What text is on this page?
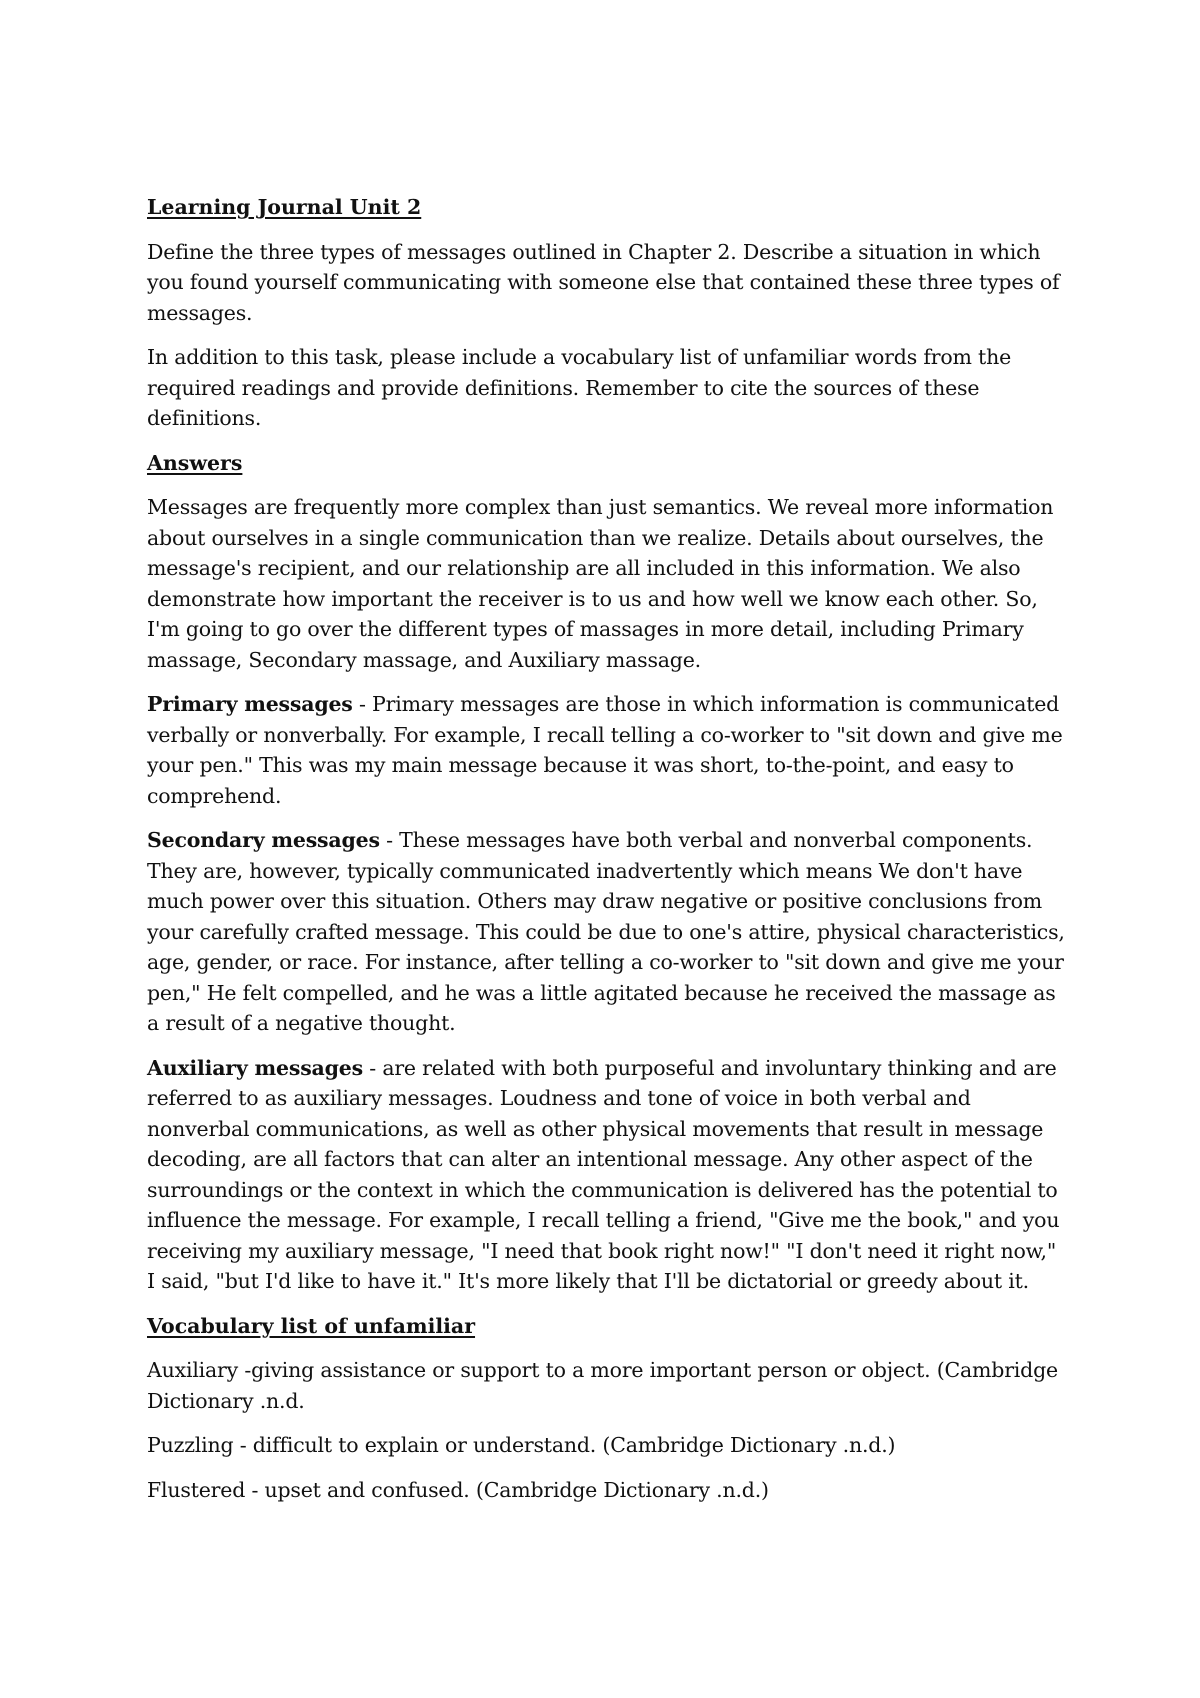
Learning Journal Unit 2

Define the three types of messages outlined in Chapter 2. Describe a situation in which you found yourself communicating with someone else that contained these three types of messages.

In addition to this task, please include a vocabulary list of unfamiliar words from the required readings and provide definitions. Remember to cite the sources of these definitions.

Answers

Messages are frequently more complex than just semantics. We reveal more information about ourselves in a single communication than we realize. Details about ourselves, the message's recipient, and our relationship are all included in this information. We also demonstrate how important the receiver is to us and how well we know each other. So, I'm going to go over the different types of massages in more detail, including Primary massage, Secondary massage, and Auxiliary massage.

Primary messages - Primary messages are those in which information is communicated verbally or nonverbally. For example, I recall telling a co-worker to "sit down and give me your pen." This was my main message because it was short, to-the-point, and easy to comprehend.

Secondary messages - These messages have both verbal and nonverbal components. They are, however, typically communicated inadvertently which means We don't have much power over this situation. Others may draw negative or positive conclusions from your carefully crafted message. This could be due to one's attire, physical characteristics, age, gender, or race. For instance, after telling a co-worker to "sit down and give me your pen," He felt compelled, and he was a little agitated because he received the massage as a result of a negative thought.

Auxiliary messages - are related with both purposeful and involuntary thinking and are referred to as auxiliary messages. Loudness and tone of voice in both verbal and nonverbal communications, as well as other physical movements that result in message decoding, are all factors that can alter an intentional message. Any other aspect of the surroundings or the context in which the communication is delivered has the potential to influence the message. For example, I recall telling a friend, "Give me the book," and you receiving my auxiliary message, "I need that book right now!" "I don't need it right now," I said, "but I'd like to have it." It's more likely that I'll be dictatorial or greedy about it.

Vocabulary list of unfamiliar

Auxiliary -giving assistance or support to a more important person or object. (Cambridge Dictionary .n.d.

Puzzling - difficult to explain or understand. (Cambridge Dictionary .n.d.)

Flustered - upset and confused. (Cambridge Dictionary .n.d.)
